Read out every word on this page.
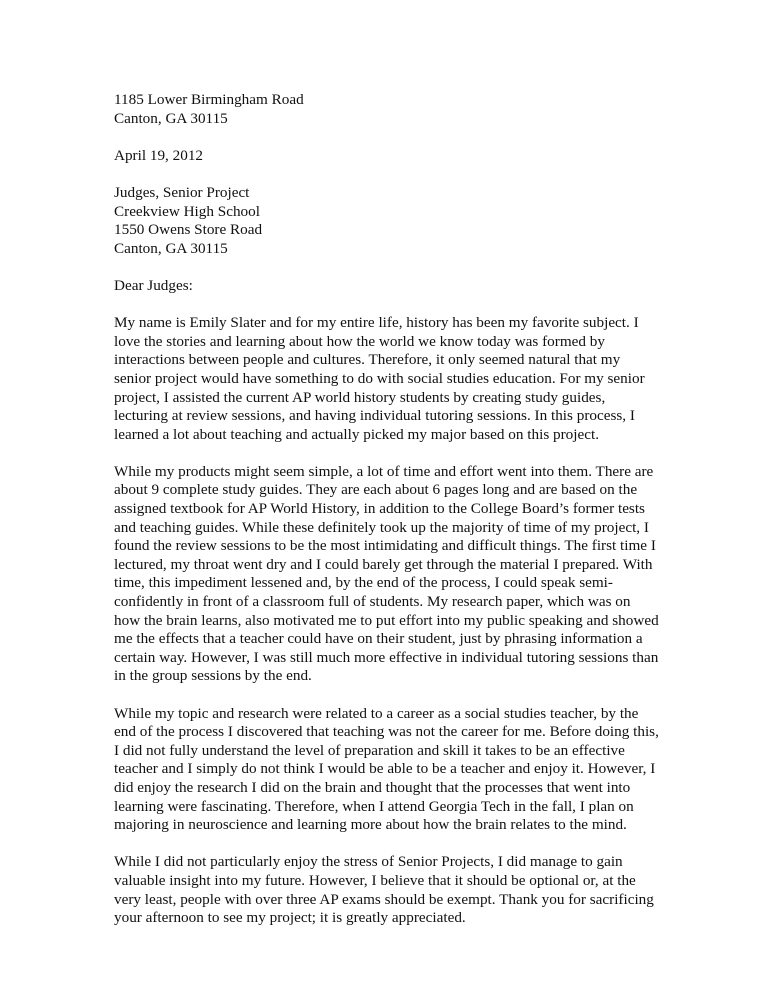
1185 Lower Birmingham Road
Canton, GA 30115
April 19, 2012
Judges, Senior Project
Creekview High School
1550 Owens Store Road
Canton, GA 30115
Dear Judges:
My name is Emily Slater and for my entire life, history has been my favorite subject. I
love the stories and learning about how the world we know today was formed by
interactions between people and cultures. Therefore, it only seemed natural that my
senior project would have something to do with social studies education. For my senior
project, I assisted the current AP world history students by creating study guides,
lecturing at review sessions, and having individual tutoring sessions. In this process, I
learned a lot about teaching and actually picked my major based on this project.
While my products might seem simple, a lot of time and effort went into them. There are
about 9 complete study guides. They are each about 6 pages long and are based on the
assigned textbook for AP World History, in addition to the College Board’s former tests
and teaching guides. While these definitely took up the majority of time of my project, I
found the review sessions to be the most intimidating and difficult things. The first time I
lectured, my throat went dry and I could barely get through the material I prepared. With
time, this impediment lessened and, by the end of the process, I could speak semi-
confidently in front of a classroom full of students. My research paper, which was on
how the brain learns, also motivated me to put effort into my public speaking and showed
me the effects that a teacher could have on their student, just by phrasing information a
certain way. However, I was still much more effective in individual tutoring sessions than
in the group sessions by the end.
While my topic and research were related to a career as a social studies teacher, by the
end of the process I discovered that teaching was not the career for me. Before doing this,
I did not fully understand the level of preparation and skill it takes to be an effective
teacher and I simply do not think I would be able to be a teacher and enjoy it. However, I
did enjoy the research I did on the brain and thought that the processes that went into
learning were fascinating. Therefore, when I attend Georgia Tech in the fall, I plan on
majoring in neuroscience and learning more about how the brain relates to the mind.
While I did not particularly enjoy the stress of Senior Projects, I did manage to gain
valuable insight into my future. However, I believe that it should be optional or, at the
very least, people with over three AP exams should be exempt. Thank you for sacrificing
your afternoon to see my project; it is greatly appreciated.
